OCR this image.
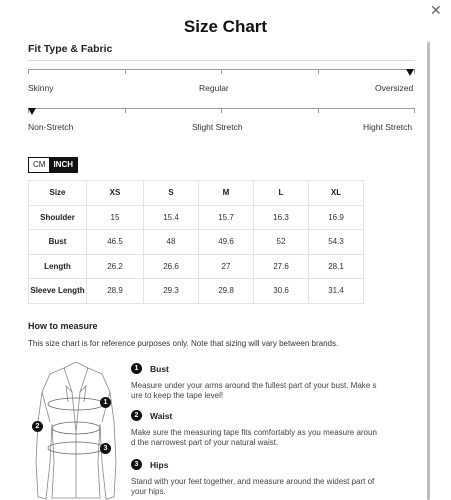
✕
Size Chart
Fit Type & Fabric
Skinny	Regular	Oversized
Non-Stretch	Slight Stretch	Hight Stretch
CM	INCH
Size	XS	S	M	L	XL
Shoulder	15	15.4	15.7	16.3	16.9
Bust	46.5	48	49.6	52	54.3
Length	26.2	26.6	27	27.6	28.1
Sleeve Length	28.9	29.3	29.8	30.6	31.4
How to measure
This size chart is for reference purposes only. Note that sizing will vary between brands.
1
2
3
1	Bust
Measure under your arms around the fullest part of your bust. Make s
ure to keep the tape level!
2	Waist
Make sure the measuring tape fits comfortably as you measure aroun
d the narrowest part of your natural waist.
3	Hips
Stand with your feet together, and measure around the widest part of
your hips.
